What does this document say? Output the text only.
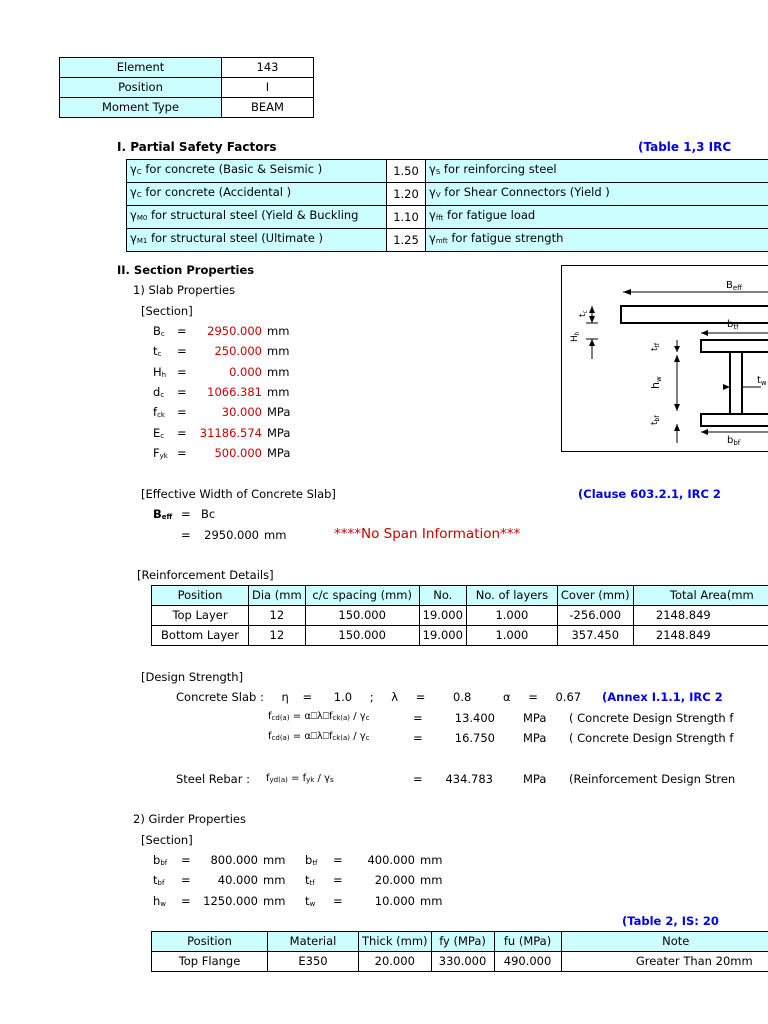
Element	143
Position	I
Moment Type	BEAM
I. Partial Safety Factors	(Table 1,3 IRC
γC for concrete (Basic & Seismic )	1.50	γS for reinforcing steel
γC for concrete (Accidental )	1.20	γV for Shear Connectors (Yield )
γM0 for structural steel (Yield & Buckling	1.10	γfft for fatigue load
γM1 for structural steel (Ultimate )	1.25	γmft for fatigue strength
II. Section Properties
1) Slab Properties
[Section]
Bc = 2950.000 mm
tc = 250.000 mm
Hh =	0.000 mm
dc = 1066.381 mm
fck =	30.000 MPa
Ec = 31186.574 MPa
Fyk = 500.000 MPa
$B_{eff}$
$b_{tf}$
$b_{bf}$
$t_w$
$t_{tf}$
hw
$t_{bf}$
$H_h$
$t_c$
[Effective Width of Concrete Slab]	(Clause 603.2.1, IRC 2
Beff = Bc
= 2950.000 mm	****No Span Information***
[Reinforcement Details]
Position	Dia (mm	c/c spacing (mm)	No.	No. of layers	Cover (mm)	Total Area(mm
Top Layer	12	150.000	19.000	1.000	-256.000	2148.849
Bottom Layer	12	150.000	19.000	1.000	357.450	2148.849
[Design Strength]
Concrete Slab : η = 1.0 ; λ = 0.8	α = 0.67 (Annex I.1.1, IRC 2
fcd(a) = α⎕λ⎕fck(a) / γc	=	13.400 MPa ( Concrete Design Strength f
fcd(a) = α⎕λ⎕fck(a) / γc	=	16.750 MPa ( Concrete Design Strength f
Steel Rebar : fyd(a) = fyk / γs	=	434.783	MPa (Reinforcement Design Stren
2) Girder Properties
[Section]
bbf = 800.000 mm btf = 400.000 mm
tbf = 40.000 mm ttf =	20.000 mm
hw = 1250.000 mm tw =	10.000 mm
(Table 2, IS: 20
Position	Material	Thick (mm)	fy (MPa)	fu (MPa)	Note
Top Flange	E350	20.000	330.000	490.000	Greater Than 20mm
